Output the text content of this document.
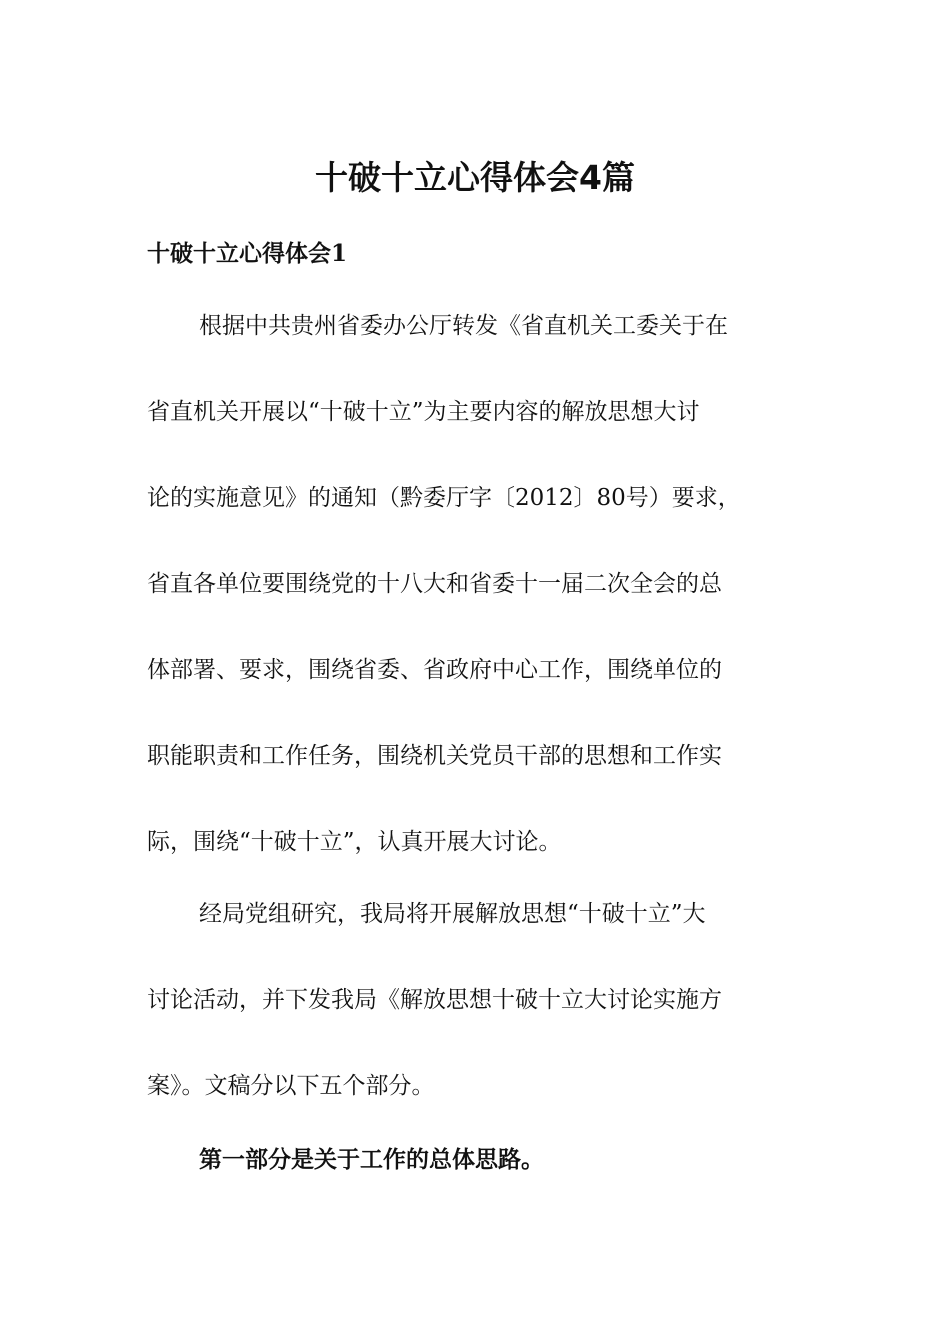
十破十立心得体会4篇
十破十立心得体会1

根据中共贵州省委办公厅转发《省直机关工委关于在

省直机关开展以“十破十立”为主要内容的解放思想大讨

论的实施意见》的通知（黔委厅字〔2012〕80号）要求，

省直各单位要围绕党的十八大和省委十一届二次全会的总

体部署、要求，围绕省委、省政府中心工作，围绕单位的

职能职责和工作任务，围绕机关党员干部的思想和工作实

际，围绕“十破十立”，认真开展大讨论。

经局党组研究，我局将开展解放思想“十破十立”大

讨论活动，并下发我局《解放思想十破十立大讨论实施方

案》。文稿分以下五个部分。

第一部分是关于工作的总体思路。
